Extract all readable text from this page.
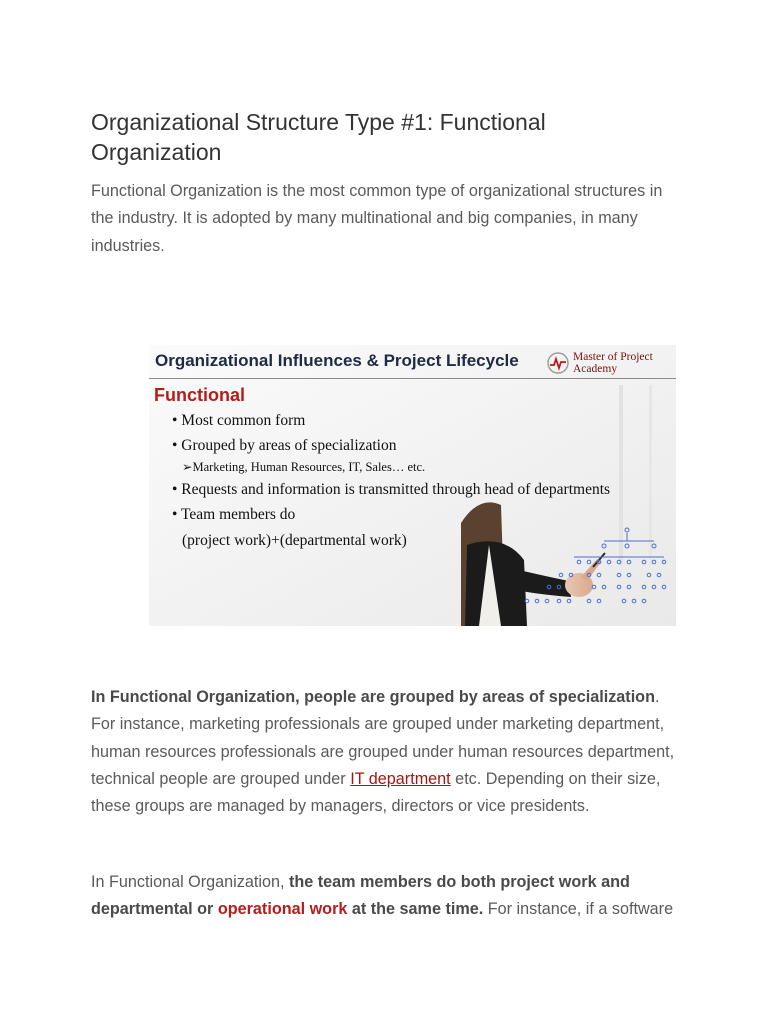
Organizational Structure Type #1: Functional Organization

Functional Organization is the most common type of organizational structures in the industry. It is adopted by many multinational and big companies, in many industries.

In Functional Organization, people are grouped by areas of specialization. For instance, marketing professionals are grouped under marketing department, human resources professionals are grouped under human resources department, technical people are grouped under IT department etc. Depending on their size, these groups are managed by managers, directors or vice presidents.

In Functional Organization, the team members do both project work and departmental or operational work at the same time. For instance, if a software

Organizational Influences & Project Lifecycle	Master of Project
Academy
Functional
• Most common form
• Grouped by areas of specialization
➢Marketing, Human Resources, IT, Sales… etc.
• Requests and information is transmitted through head of departments
• Team members do
(project work)+(departmental work)
